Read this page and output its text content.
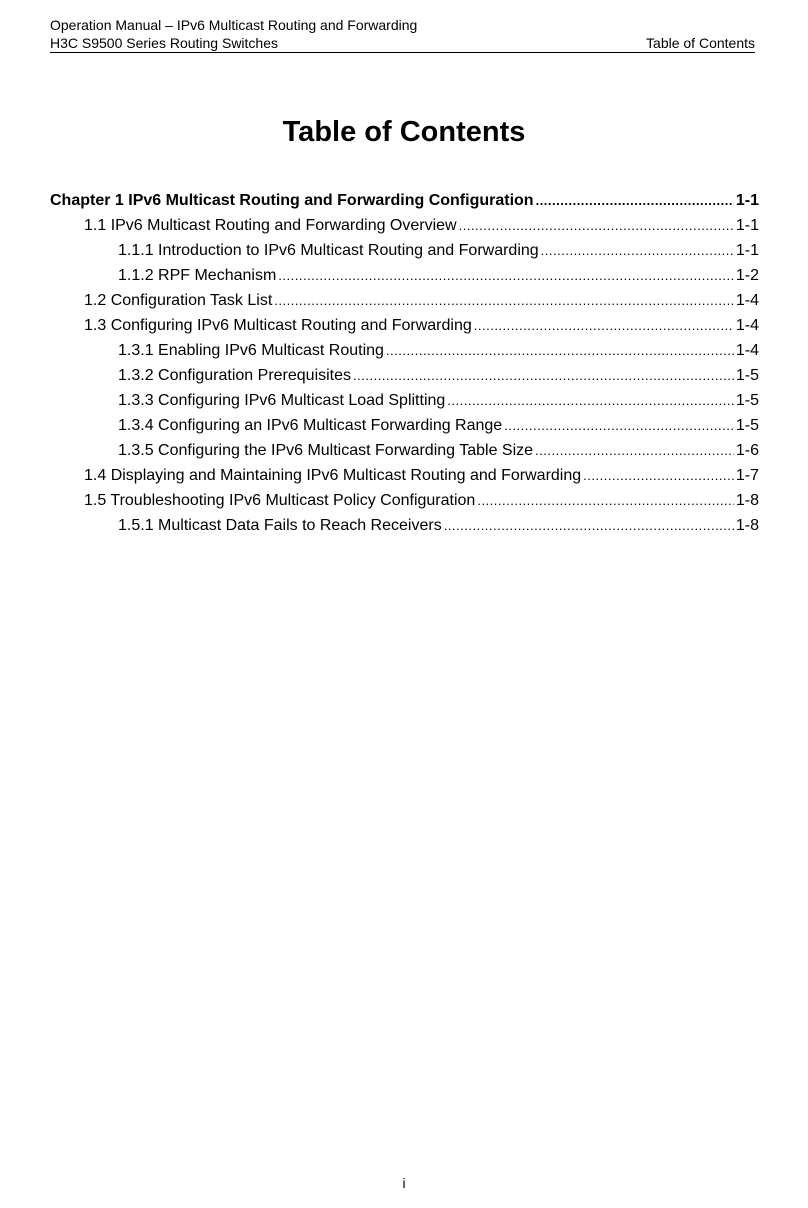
Operation Manual – IPv6 Multicast Routing and Forwarding
H3C S9500 Series Routing Switches	Table of Contents
Table of Contents
Chapter 1 IPv6 Multicast Routing and Forwarding Configuration .....	1-1
1.1 IPv6 Multicast Routing and Forwarding Overview .....	1-1
1.1.1 Introduction to IPv6 Multicast Routing and Forwarding .....	1-1
1.1.2 RPF Mechanism .....	1-2
1.2 Configuration Task List .....	1-4
1.3 Configuring IPv6 Multicast Routing and Forwarding .....	1-4
1.3.1 Enabling IPv6 Multicast Routing .....	1-4
1.3.2 Configuration Prerequisites .....	1-5
1.3.3 Configuring IPv6 Multicast Load Splitting .....	1-5
1.3.4 Configuring an IPv6 Multicast Forwarding Range .....	1-5
1.3.5 Configuring the IPv6 Multicast Forwarding Table Size .....	1-6
1.4 Displaying and Maintaining IPv6 Multicast Routing and Forwarding .....	1-7
1.5 Troubleshooting IPv6 Multicast Policy Configuration .....	1-8
1.5.1 Multicast Data Fails to Reach Receivers .....	1-8
i
